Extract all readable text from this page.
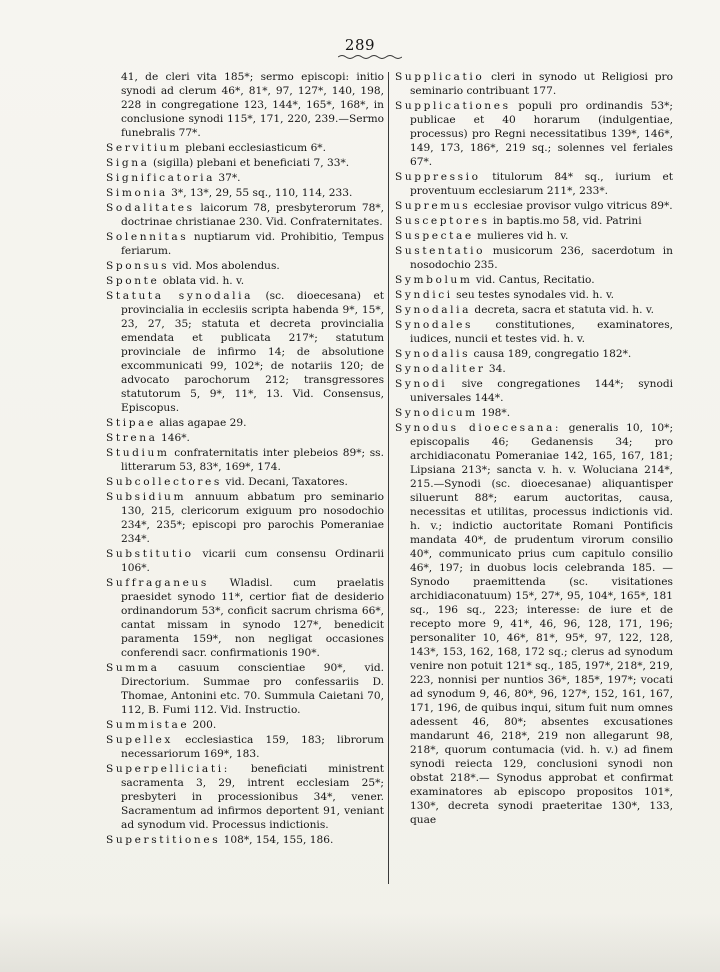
289

41, de cleri vita 185*; sermo episcopi: initio synodi ad clerum 46*, 81*, 97, 127*, 140, 198, 228 in congregatione 123, 144*, 165*, 168*, in conclusione synodi 115*, 171, 220, 239.—Sermo funebralis 77*.

Servitium plebani ecclesiasticum 6*.

Signa (sigilla) plebani et beneficiati 7, 33*.

Significatoria 37*.

Simonia 3*, 13*, 29, 55 sq., 110, 114, 233.

Sodalitates laicorum 78, presbyterorum 78*, doctrinae christianae 230. Vid. Confraternitates.

Solennitas nuptiarum vid. Prohibitio, Tempus feriarum.

Sponsus vid. Mos abolendus.

Sponte oblata vid. h. v.

Statuta synodalia (sc. dioecesana) et provincialia in ecclesiis scripta habenda 9*, 15*, 23, 27, 35; statuta et decreta provincialia emendata et publicata 217*; statutum provinciale de infirmo 14; de absolutione excommunicati 99, 102*; de notariis 120; de advocato parochorum 212; transgressores statutorum 5, 9*, 11*, 13. Vid. Consensus, Episcopus.

Stipae alias agapae 29.

Strena 146*.

Studium confraternitatis inter plebeios 89*; ss. litterarum 53, 83*, 169*, 174.

Subcollectores vid. Decani, Taxatores.

Subsidium annuum abbatum pro seminario 130, 215, clericorum exiguum pro nosodochio 234*, 235*; episcopi pro parochis Pomeraniae 234*.

Substitutio vicarii cum consensu Ordinarii 106*.

Suffraganeus Wladisl. cum praelatis praesidet synodo 11*, certior fiat de desiderio ordinandorum 53*, conficit sacrum chrisma 66*, cantat missam in synodo 127*, benedicit paramenta 159*, non negligat occasiones conferendi sacr. confirmationis 190*.

Summa casuum conscientiae 90*, vid. Directorium. Summae pro confessariis D. Thomae, Antonini etc. 70. Summula Caietani 70, 112, B. Fumi 112. Vid. Instructio.

Summistae 200.

Supellex ecclesiastica 159, 183; librorum necessariorum 169*, 183.

Superpelliciati: beneficiati ministrent sacramenta 3, 29, intrent ecclesiam 25*; presbyteri in processionibus 34*, vener. Sacramentum ad infirmos deportent 91, veniant ad synodum vid. Processus indictionis.

Superstitiones 108*, 154, 155, 186.

Supplicatio cleri in synodo ut Religiosi pro seminario contribuant 177.

Supplicationes populi pro ordinandis 53*; publicae et 40 horarum (indulgentiae, processus) pro Regni necessitatibus 139*, 146*, 149, 173, 186*, 219 sq.; solennes vel feriales 67*.

Suppressio titulorum 84* sq., iurium et proventuum ecclesiarum 211*, 233*.

Supremus ecclesiae provisor vulgo vitricus 89*.

Susceptores in baptis.mo 58, vid. Patrini

Suspectae mulieres vid h. v.

Sustentatio musicorum 236, sacerdotum in nosodochio 235.

Symbolum vid. Cantus, Recitatio.

Syndici seu testes synodales vid. h. v.

Synodalia decreta, sacra et statuta vid. h. v.

Synodales constitutiones, examinatores, iudices, nuncii et testes vid. h. v.

Synodalis causa 189, congregatio 182*.

Synodaliter 34.

Synodi sive congregationes 144*; synodi universales 144*.

Synodicum 198*.

Synodus dioecesana: generalis 10, 10*; episcopalis 46; Gedanensis 34; pro archidiaconatu Pomeraniae 142, 165, 167, 181; Lipsiana 213*; sancta v. h. v. Woluciana 214*, 215.—Synodi (sc. dioecesanae) aliquantisper siluerunt 88*; earum auctoritas, causa, necessitas et utilitas, processus indictionis vid. h. v.; indictio auctoritate Romani Pontificis mandata 40*, de prudentum virorum consilio 40*, communicato prius cum capitulo consilio 46*, 197; in duobus locis celebranda 185. — Synodo praemittenda (sc. visitationes archidiaconatuum) 15*, 27*, 95, 104*, 165*, 181 sq., 196 sq., 223; interesse: de iure et de recepto more 9, 41*, 46, 96, 128, 171, 196; personaliter 10, 46*, 81*, 95*, 97, 122, 128, 143*, 153, 162, 168, 172 sq.; clerus ad synodum venire non potuit 121* sq., 185, 197*, 218*, 219, 223, nonnisi per nuntios 36*, 185*, 197*; vocati ad synodum 9, 46, 80*, 96, 127*, 152, 161, 167, 171, 196, de quibus inqui, situm fuit num omnes adessent 46, 80*; absentes excusationes mandarunt 46, 218*, 219 non allegarunt 98, 218*, quorum contumacia (vid. h. v.) ad finem synodi reiecta 129, conclusioni synodi non obstat 218*.— Synodus approbat et confirmat examinatores ab episcopo propositos 101*, 130*, decreta synodi praeteritae 130*, 133, quae
